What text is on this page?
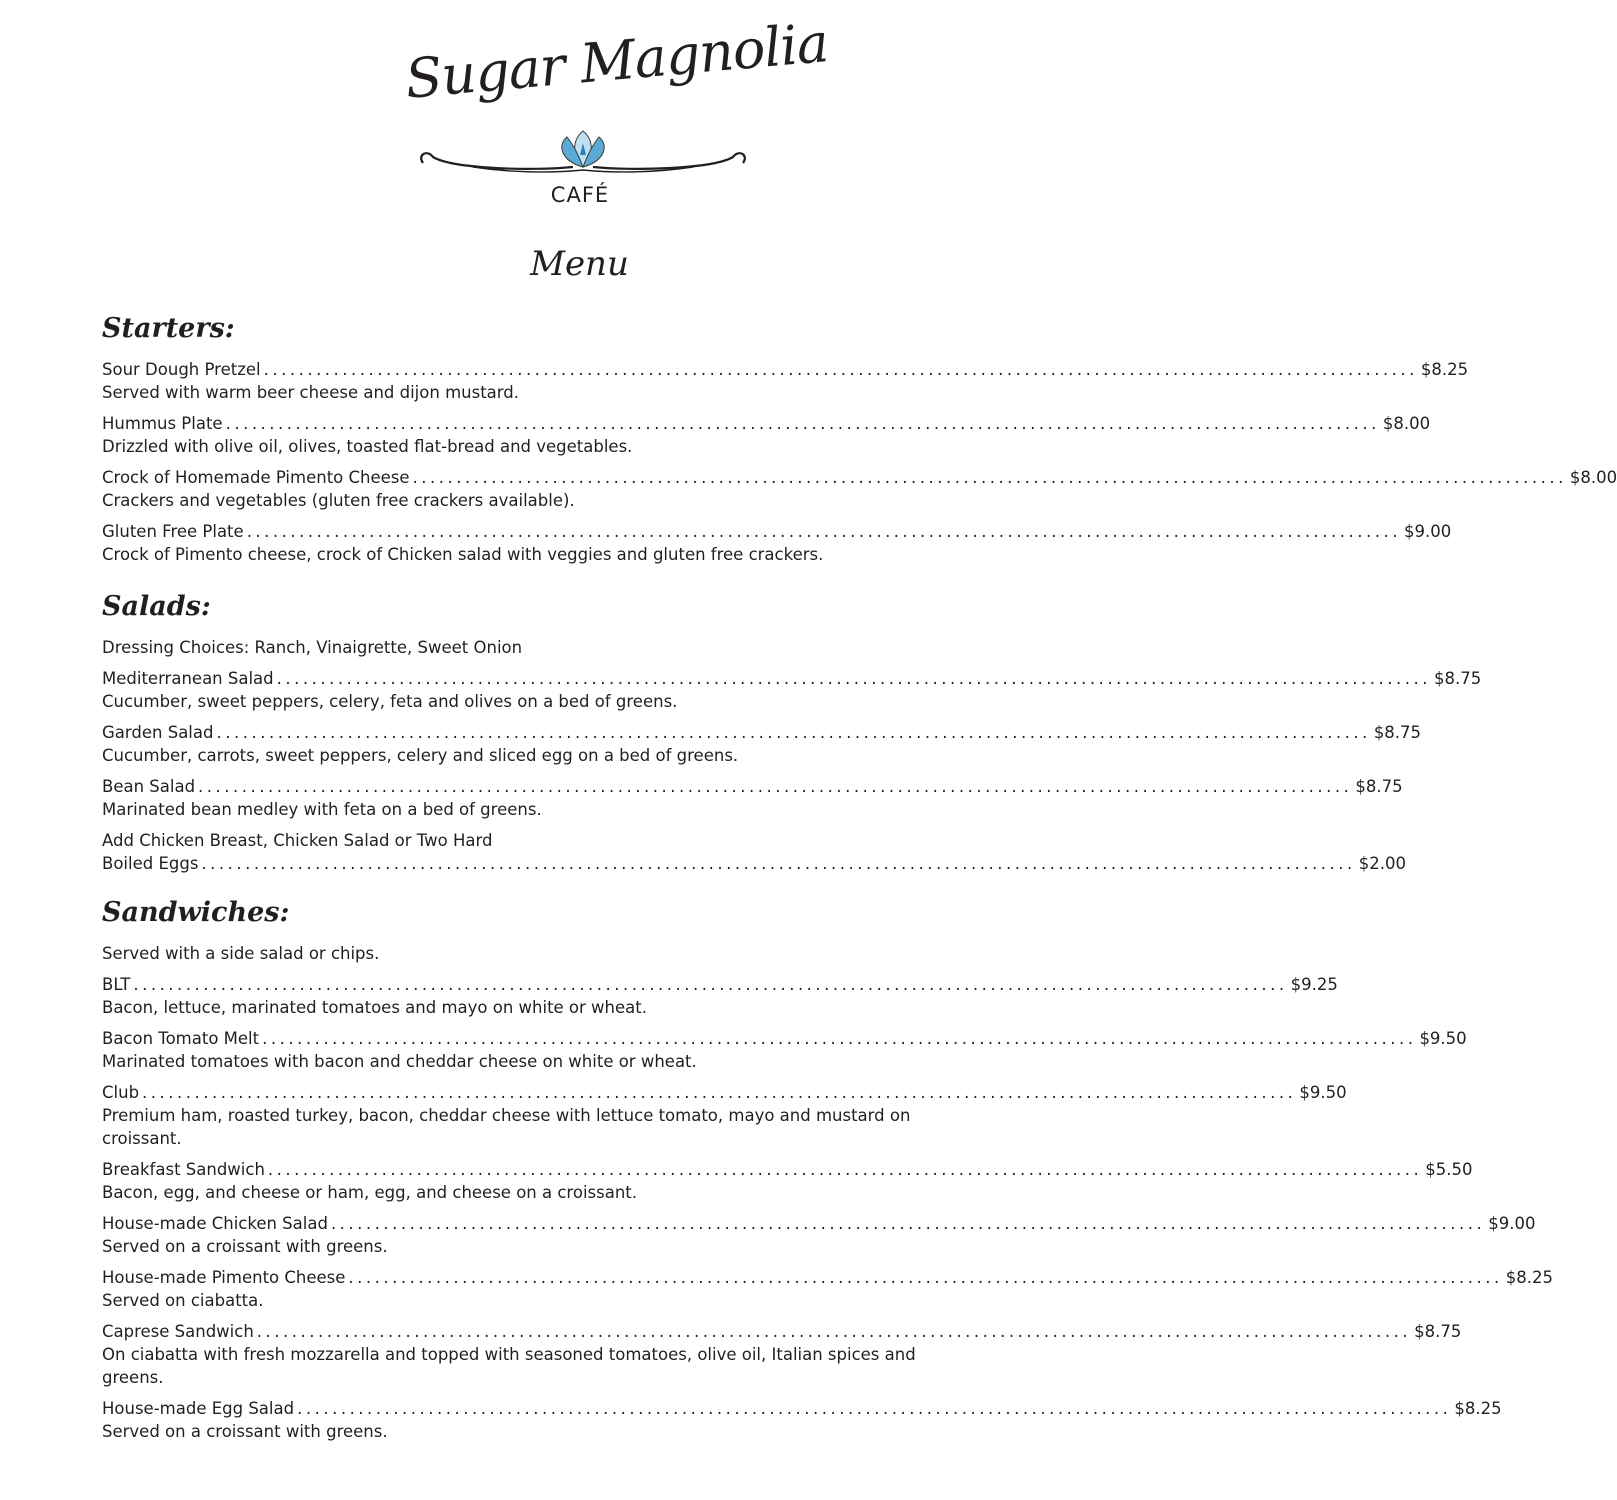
Sugar Magnolia
CAFÉ
Menu
Starters:
Sour Dough Pretzel .................................................................................................................................... $8.25
Served with warm beer cheese and dijon mustard.
Hummus Plate .................................................................................................................................... $8.00
Drizzled with olive oil, olives, toasted flat-bread and vegetables.
Crock of Homemade Pimento Cheese .................................................................................................................................... $8.00
Crackers and vegetables (gluten free crackers available).
Gluten Free Plate .................................................................................................................................... $9.00
Crock of Pimento cheese, crock of Chicken salad with veggies and gluten free crackers.
Salads:
Dressing Choices: Ranch, Vinaigrette, Sweet Onion
Mediterranean Salad .................................................................................................................................... $8.75
Cucumber, sweet peppers, celery, feta and olives on a bed of greens.
Garden Salad .................................................................................................................................... $8.75
Cucumber, carrots, sweet peppers, celery and sliced egg on a bed of greens.
Bean Salad .................................................................................................................................... $8.75
Marinated bean medley with feta on a bed of greens.
Add Chicken Breast, Chicken Salad or Two Hard
Boiled Eggs .................................................................................................................................... $2.00
Sandwiches:
Served with a side salad or chips.
BLT .................................................................................................................................... $9.25
Bacon, lettuce, marinated tomatoes and mayo on white or wheat.
Bacon Tomato Melt .................................................................................................................................... $9.50
Marinated tomatoes with bacon and cheddar cheese on white or wheat.
Club .................................................................................................................................... $9.50
Premium ham, roasted turkey, bacon, cheddar cheese with lettuce tomato, mayo and mustard on croissant.
Breakfast Sandwich .................................................................................................................................... $5.50
Bacon, egg, and cheese or ham, egg, and cheese on a croissant.
House-made Chicken Salad .................................................................................................................................... $9.00
Served on a croissant with greens.
House-made Pimento Cheese .................................................................................................................................... $8.25
Served on ciabatta.
Caprese Sandwich .................................................................................................................................... $8.75
On ciabatta with fresh mozzarella and topped with seasoned tomatoes, olive oil, Italian spices and greens.
House-made Egg Salad .................................................................................................................................... $8.25
Served on a croissant with greens.
